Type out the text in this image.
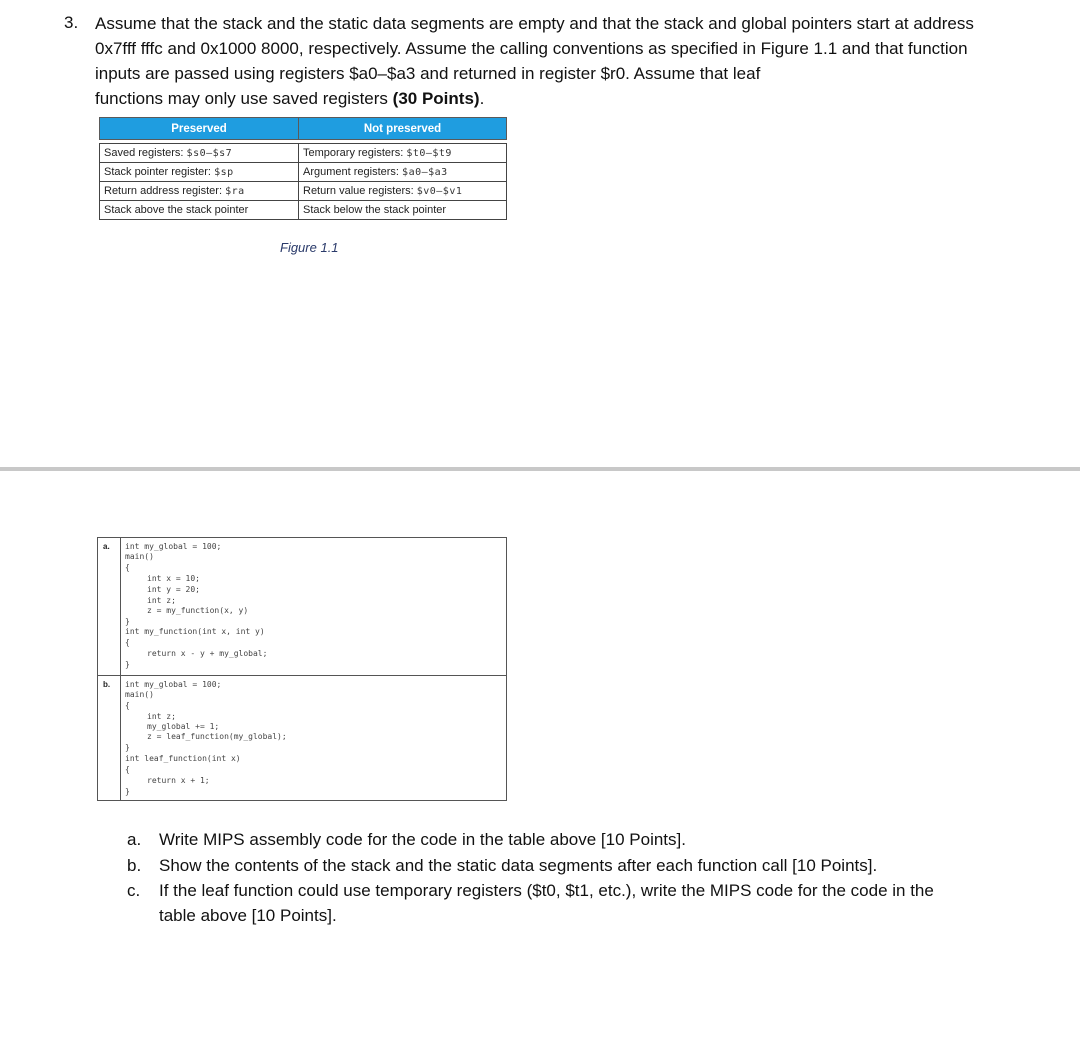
3. Assume that the stack and the static data segments are empty and that the stack and global pointers start at address
0x7fff fffc and 0x1000 8000, respectively. Assume the calling conventions as specified in Figure 1.1 and that function
inputs are passed using registers $a0–$a3 and returned in register $r0. Assume that leaf
functions may only use saved registers (30 Points).
Preserved	Not preserved

Saved registers: $s0–$s7	Temporary registers: $t0–$t9
Stack pointer register: $sp	Argument registers: $a0–$a3
Return address register: $ra	Return value registers: $v0–$v1
Stack above the stack pointer	Stack below the stack pointer
Figure 1.1
a. int my_global = 100;
main()
{
int x = 10;
int y = 20;
int z;
z = my_function(x, y)
}
int my_function(int x, int y)
{
return x - y + my_global;
}
b. int my_global = 100;
main()
{
int z;
my_global += 1;
z = leaf_function(my_global);
}
int leaf_function(int x)
{
return x + 1;
}
a. Write MIPS assembly code for the code in the table above [10 Points].
b. Show the contents of the stack and the static data segments after each function call [10 Points].
c. If the leaf function could use temporary registers ($t0, $t1, etc.), write the MIPS code for the code in the
table above [10 Points].
